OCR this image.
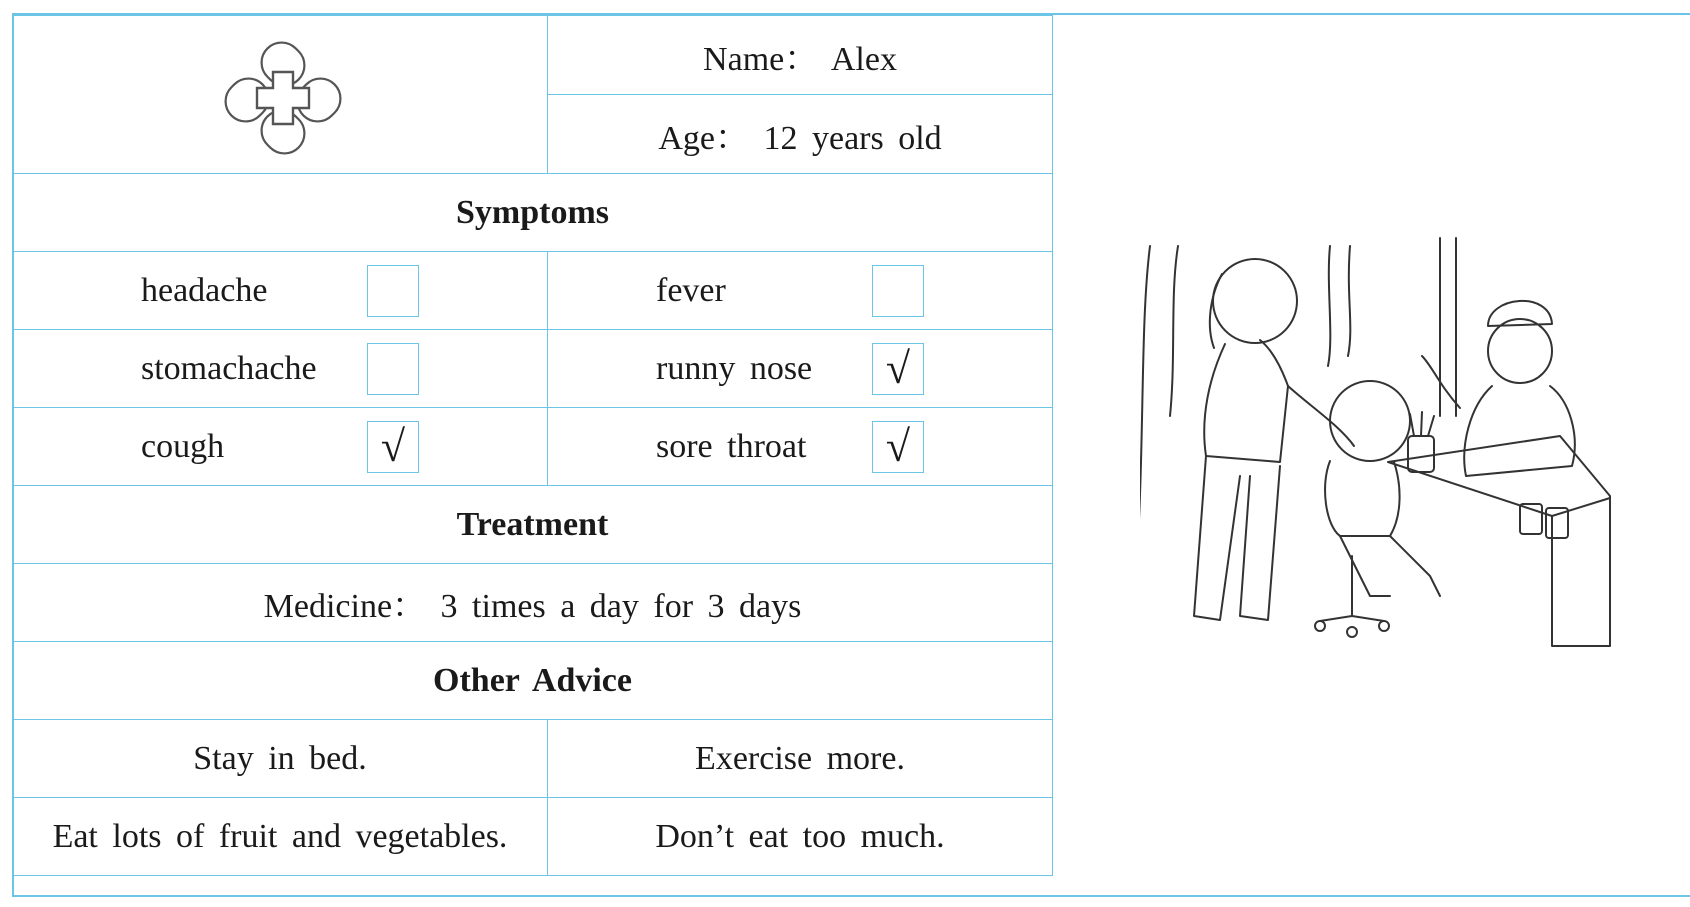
	Name： Alex
	Age： 12 years old
Symptoms	

headache	fever

stomachache	runny nose √

cough √	sore throat √

Treatment	
Medicine： 3 times a day for 3 days	
Other Advice	
Stay in bed.	Exercise more.
Eat lots of fruit and vegetables.	Don’t eat too much.
